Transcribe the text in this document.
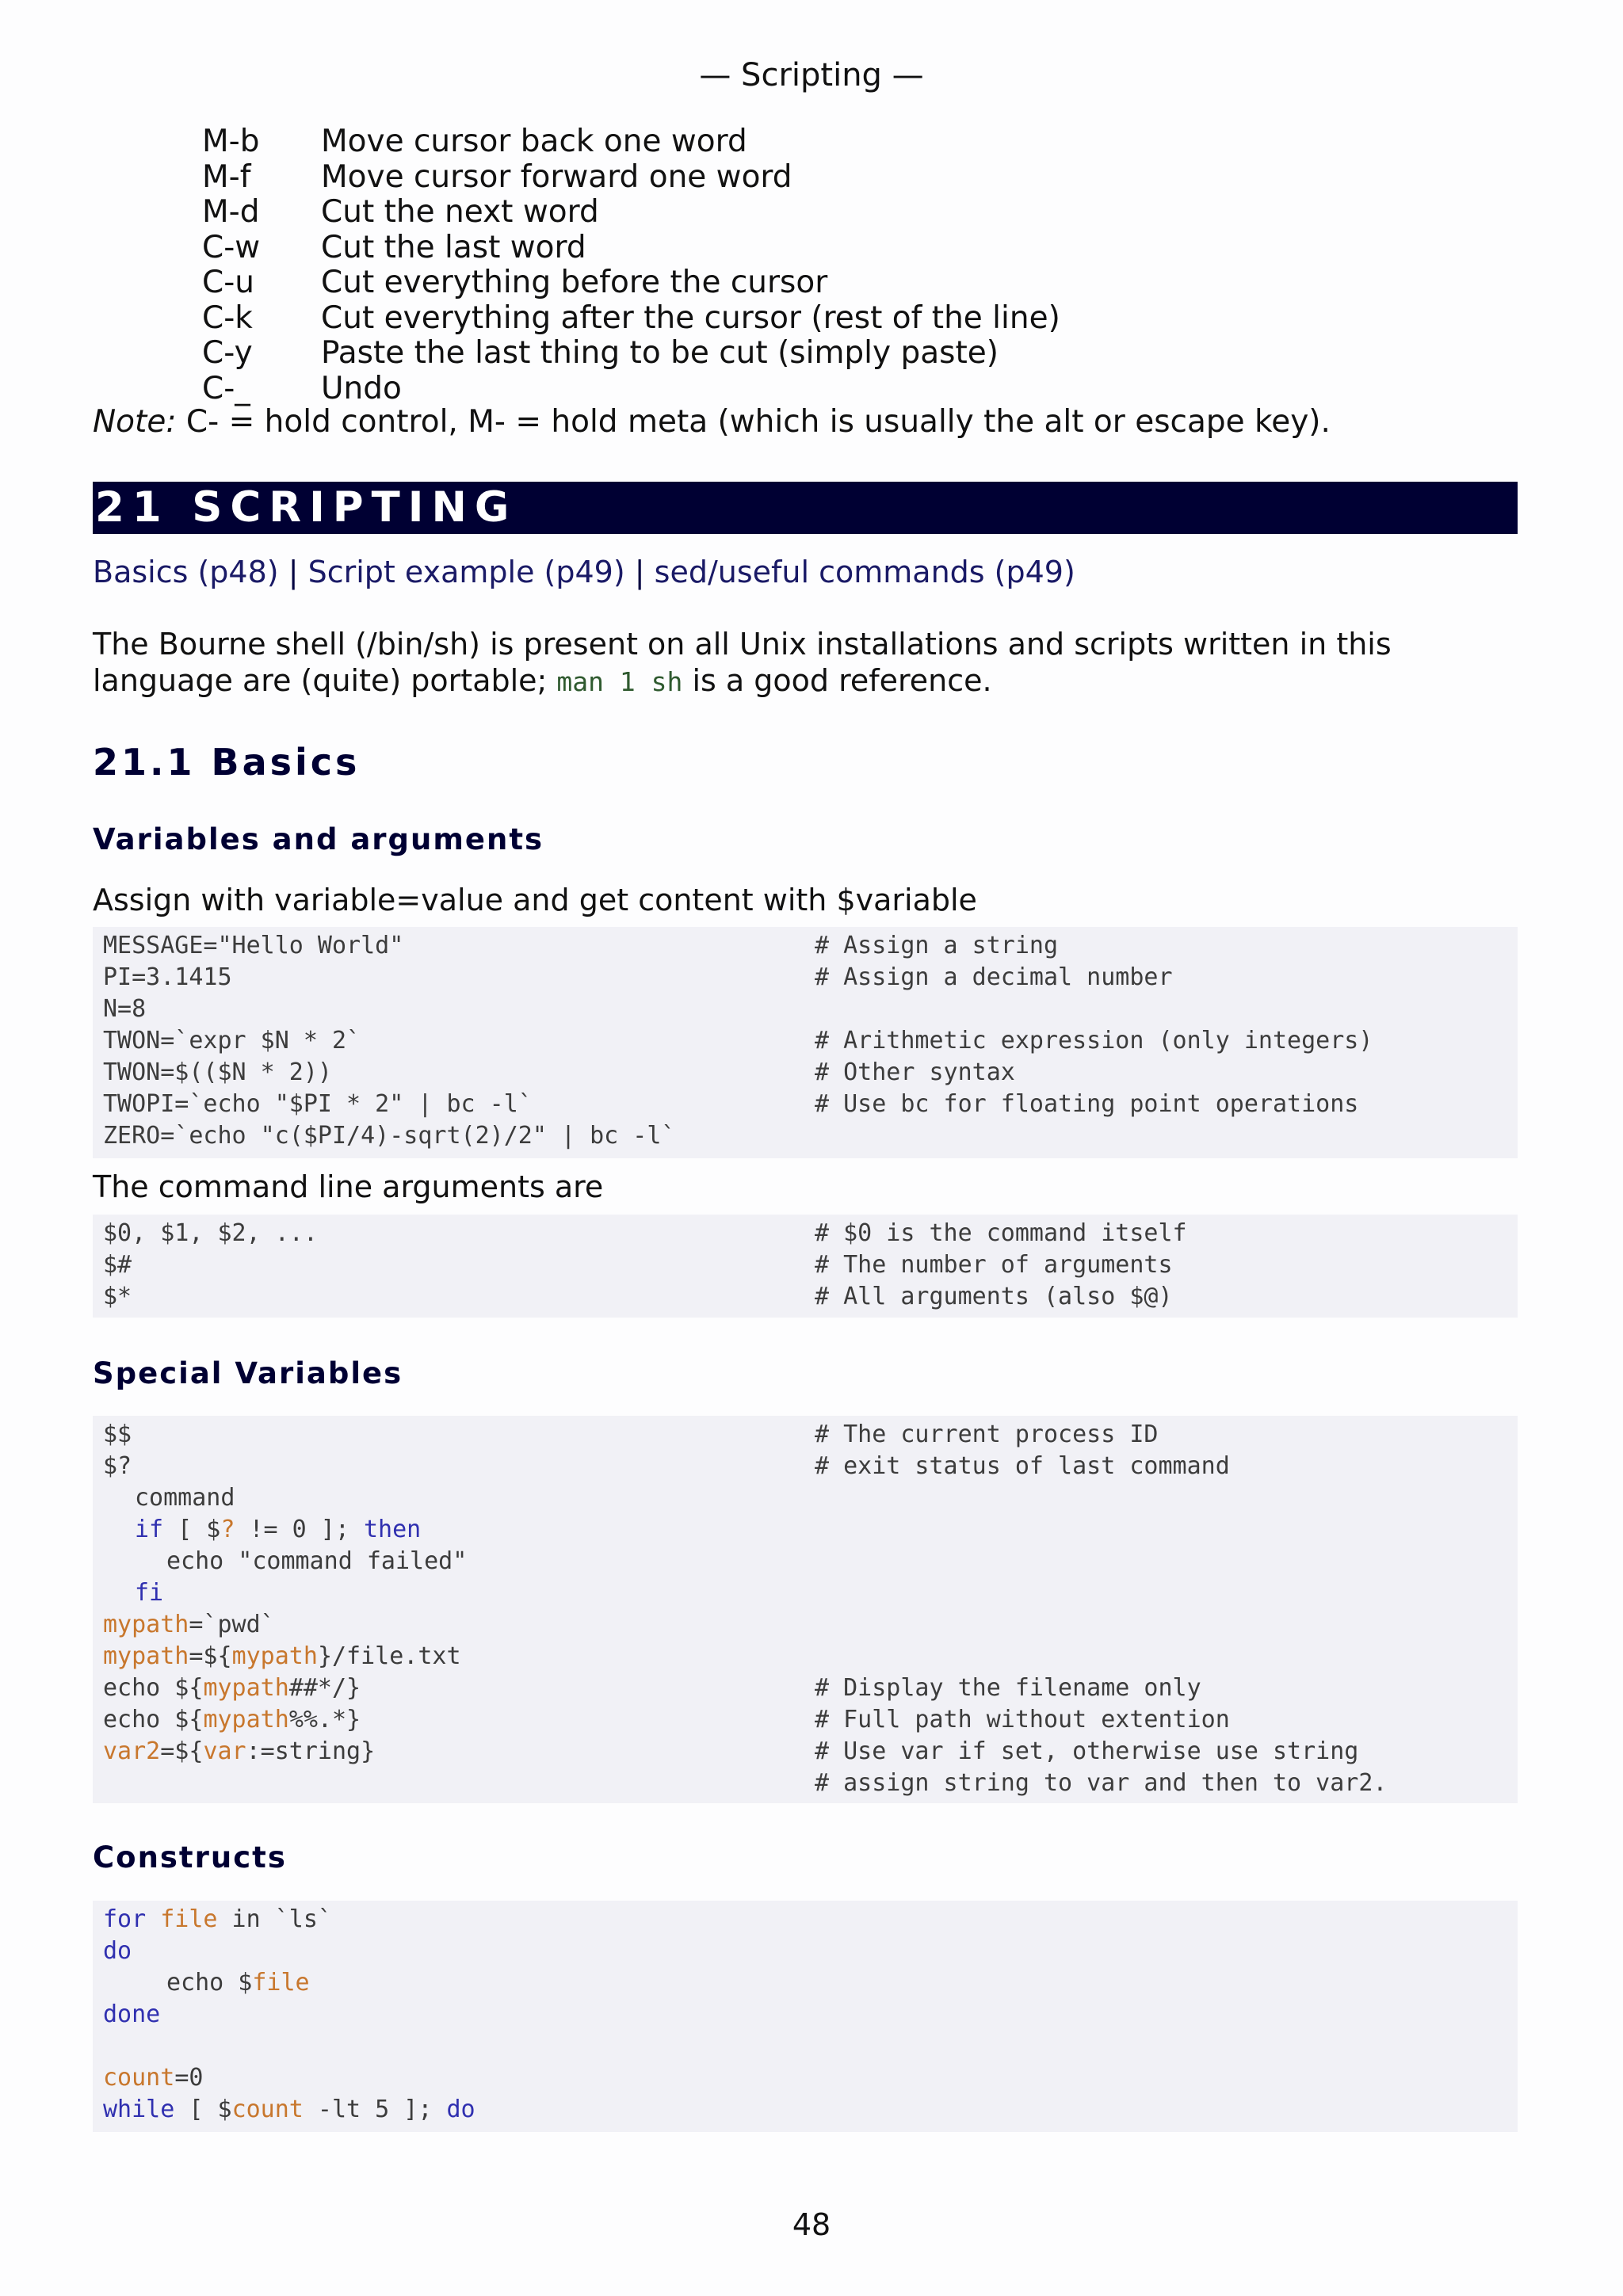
— Scripting —
M-b Move cursor back one word
M-f Move cursor forward one word
M-d Cut the next word
C-w Cut the last word
C-u Cut everything before the cursor
C-k Cut everything after the cursor (rest of the line)
C-y Paste the last thing to be cut (simply paste)
C-_ Undo
Note: C- = hold control, M- = hold meta (which is usually the alt or escape key).
21 SCRIPTING
Basics (p48) | Script example (p49) | sed/useful commands (p49)
The Bourne shell (/bin/sh) is present on all Unix installations and scripts written in this language are (quite) portable; man 1 sh is a good reference.
21.1 Basics
Variables and arguments
Assign with variable=value and get content with $variable
MESSAGE="Hello World"	# Assign a string
PI=3.1415	# Assign a decimal number
N=8
TWON=`expr $N * 2`	# Arithmetic expression (only integers)
TWON=$(($N * 2))	# Other syntax
TWOPI=`echo "$PI * 2" | bc -l`	# Use bc for floating point operations
ZERO=`echo "c($PI/4)-sqrt(2)/2" | bc -l`
The command line arguments are
$0, $1, $2, ...	# $0 is the command itself
$#	# The number of arguments
$*	# All arguments (also $@)
Special Variables
$$	# The current process ID
$?	# exit status of last command
command
if [ $? != 0 ]; then
echo "command failed"
fi
mypath=`pwd`
mypath=${mypath}/file.txt
echo ${mypath##*/}	# Display the filename only
echo ${mypath%%.*}	# Full path without extention
var2=${var:=string}	# Use var if set, otherwise use string
# assign string to var and then to var2.
Constructs
for file in `ls`
do
echo $file
done
count=0
while [ $count -lt 5 ]; do
48
